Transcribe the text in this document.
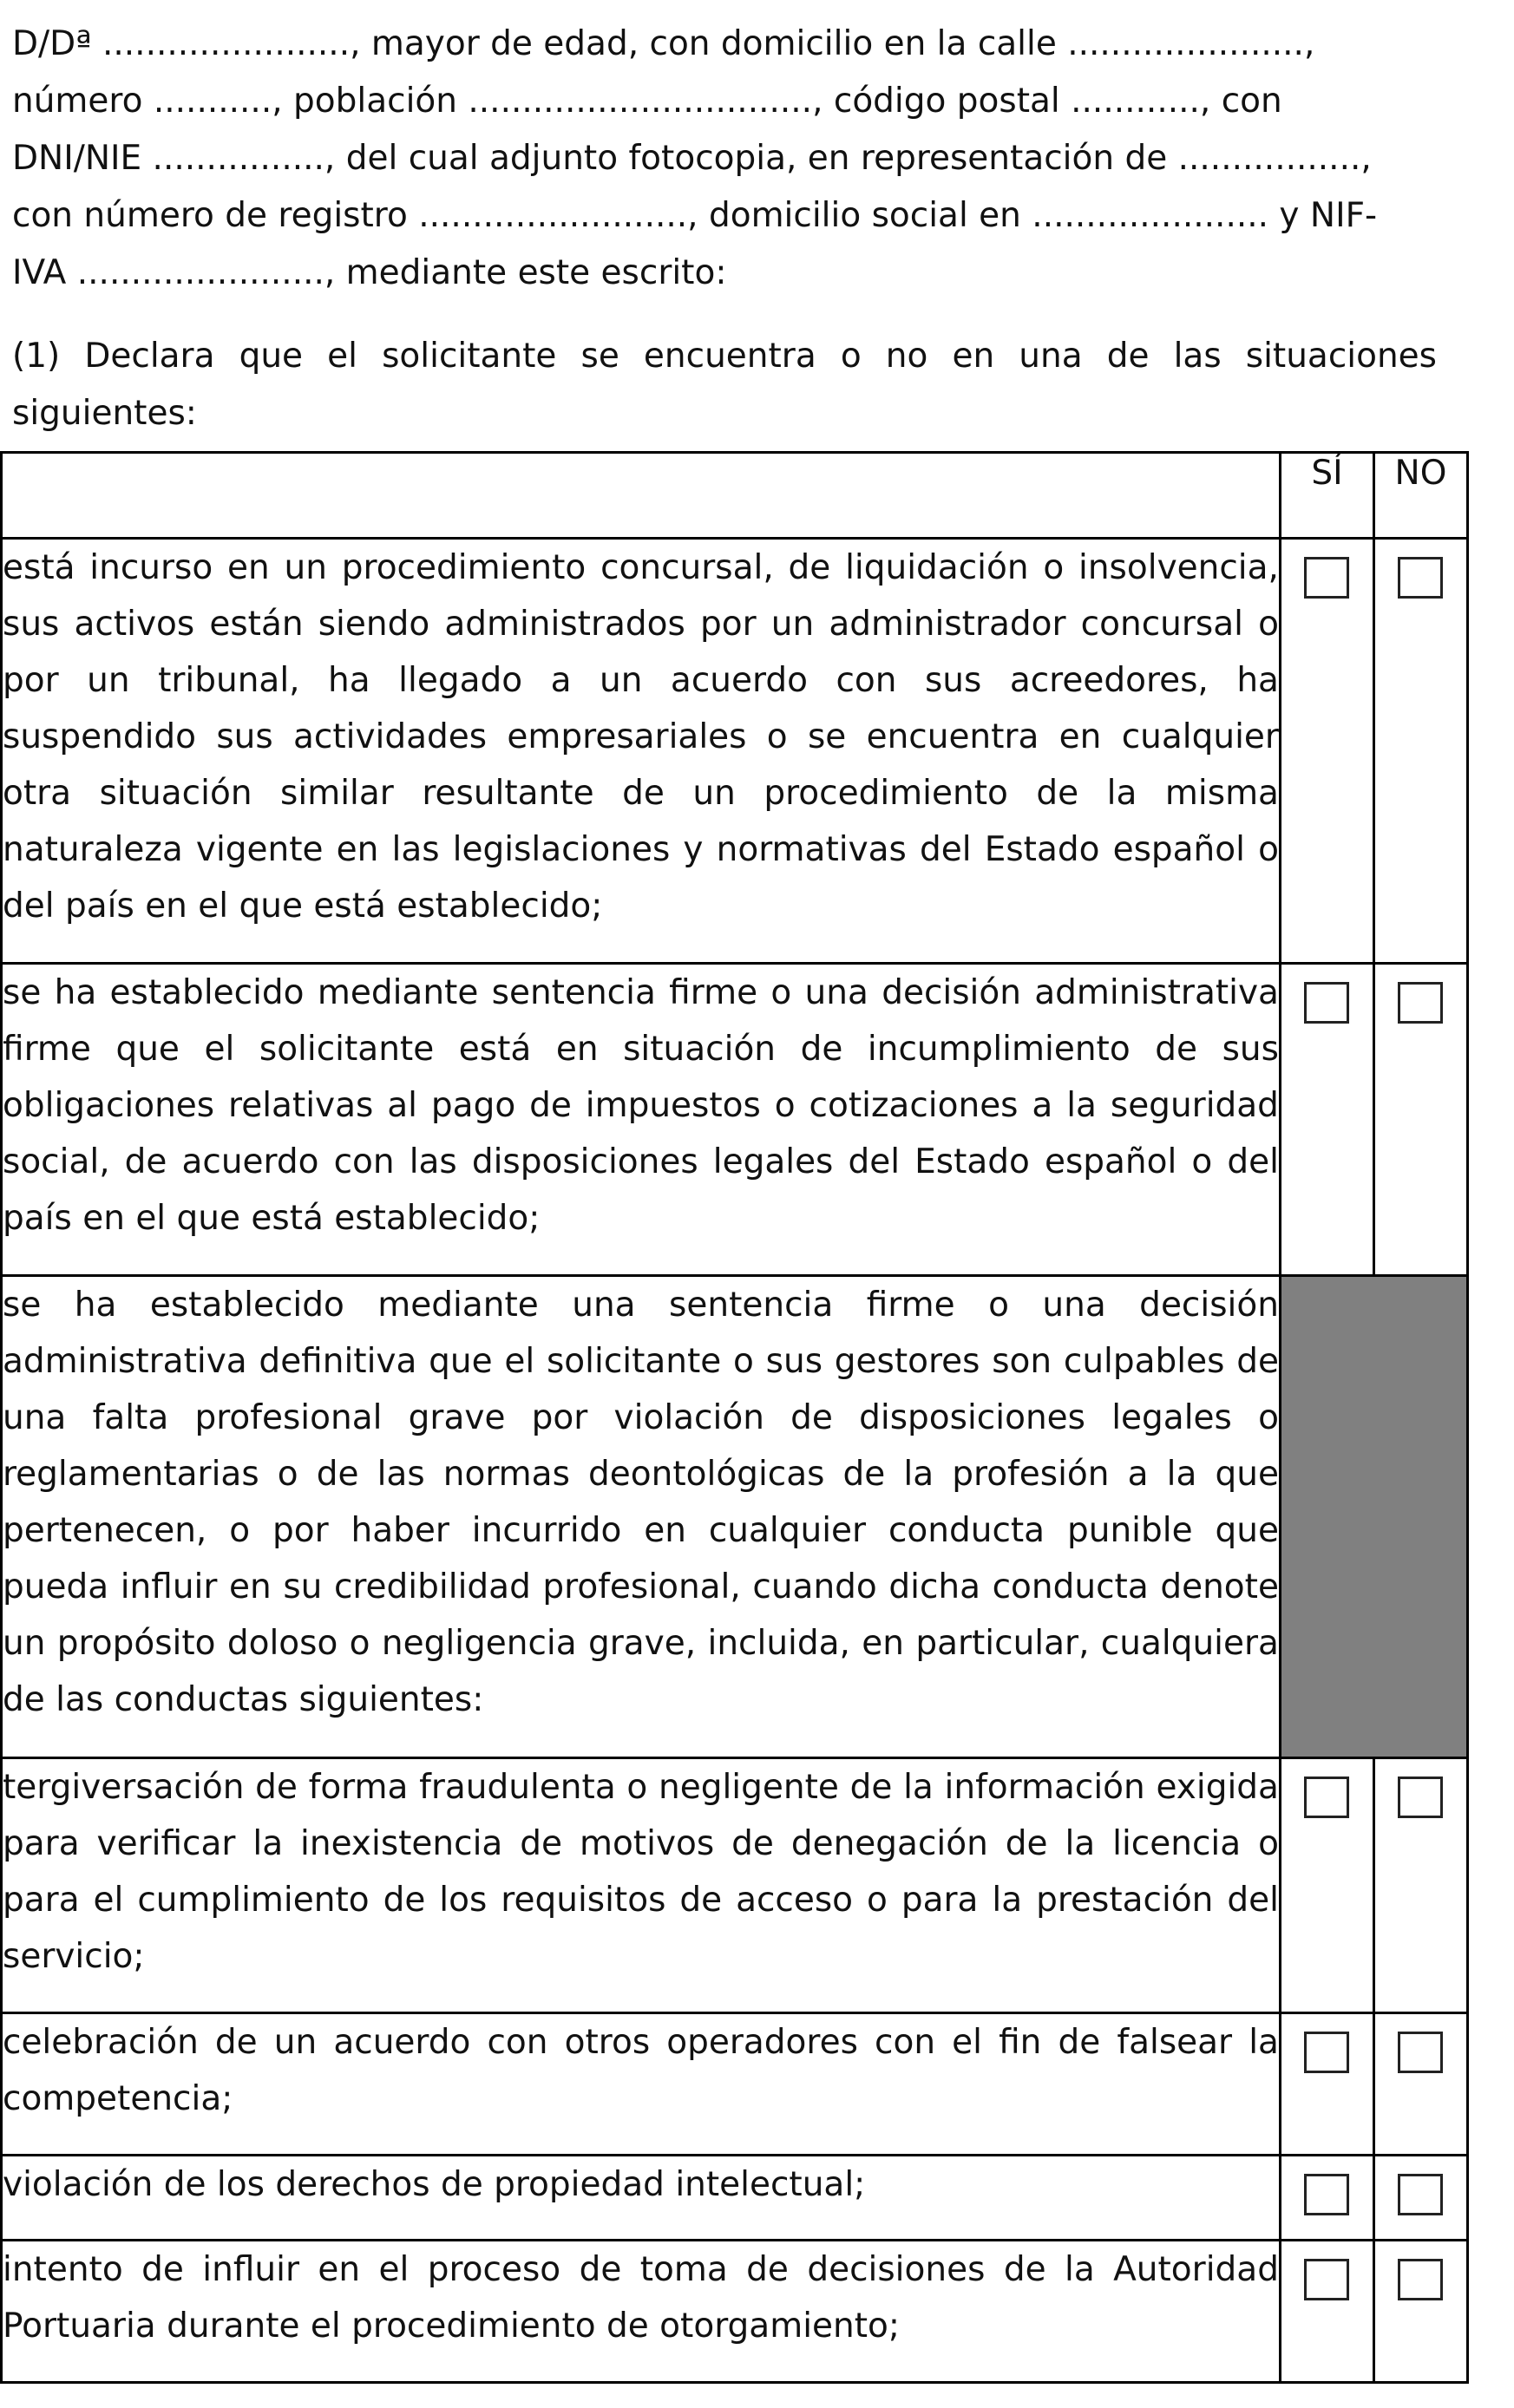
D/Dª ......................., mayor de edad, con domicilio en la calle ......................,
número ..........., población ................................, código postal ............, con
DNI/NIE ................, del cual adjunto fotocopia, en representación de .................,
con número de registro ........................., domicilio social en ...................... y NIF-
IVA ......................., mediante este escrito:
(1) Declara que el solicitante se encuentra o no en una de las situaciones siguientes:
	SÍ	NO
está incurso en un procedimiento concursal, de liquidación o insolvencia, sus activos están siendo administrados por un administrador concursal o por un tribunal, ha llegado a un acuerdo con sus acreedores, ha suspendido sus actividades empresariales o se encuentra en cualquier otra situación similar resultante de un procedimiento de la misma naturaleza vigente en las legislaciones y normativas del Estado español o del país en el que está establecido;		
se ha establecido mediante sentencia firme o una decisión administrativa firme que el solicitante está en situación de incumplimiento de sus obligaciones relativas al pago de impuestos o cotizaciones a la seguridad social, de acuerdo con las disposiciones legales del Estado español o del país en el que está establecido;		
se ha establecido mediante una sentencia firme o una decisión administrativa definitiva que el solicitante o sus gestores son culpables de una falta profesional grave por violación de disposiciones legales o reglamentarias o de las normas deontológicas de la profesión a la que pertenecen, o por haber incurrido en cualquier conducta punible que pueda influir en su credibilidad profesional, cuando dicha conducta denote un propósito doloso o negligencia grave, incluida, en particular, cualquiera de las conductas siguientes:		
tergiversación de forma fraudulenta o negligente de la información exigida para verificar la inexistencia de motivos de denegación de la licencia o para el cumplimiento de los requisitos de acceso o para la prestación del servicio;		
celebración de un acuerdo con otros operadores con el fin de falsear la competencia;		
violación de los derechos de propiedad intelectual;		
intento de influir en el proceso de toma de decisiones de la Autoridad Portuaria durante el procedimiento de otorgamiento;		
